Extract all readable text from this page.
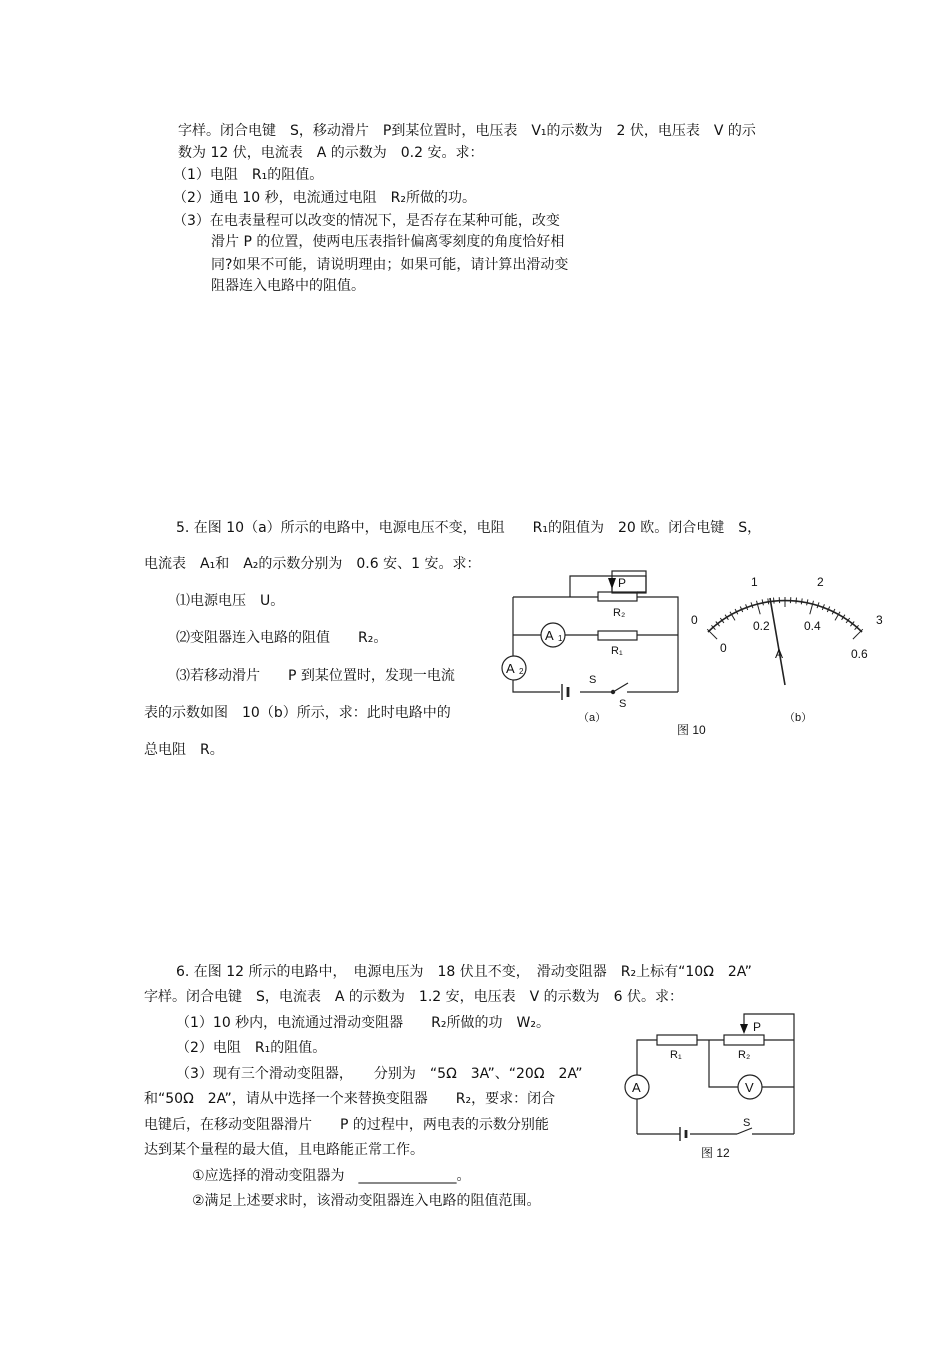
字样。闭合电键　S，移动滑片　P到某位置时，电压表　V₁的示数为　2 伏，电压表　V 的示
数为 12 伏，电流表　A 的示数为　0.2 安。求：
（1）电阻　R₁的阻值。
（2）通电 10 秒，电流通过电阻　R₂所做的功。
（3）在电表量程可以改变的情况下，是否存在某种可能，改变
滑片 P 的位置，使两电压表指针偏离零刻度的角度恰好相
同?如果不可能，请说明理由；如果可能，请计算出滑动变
阻器连入电路中的阻值。
5. 在图 10（a）所示的电路中，电源电压不变，电阻　　R₁的阻值为　20 欧。闭合电键　S，
电流表　A₁和　A₂的示数分别为　0.6 安、1 安。求：
⑴电源电压　U。
⑵变阻器连入电路的阻值　　R₂。
⑶若移动滑片　　P 到某位置时，发现一电流
表的示数如图　10（b）所示，求：此时电路中的
总电阻　R。
P
R₂
R₁
A 1
A 2
S
S
（a）
1	2
0	3
0.2	0.4
0	0.6
A
（b）
图 10
6. 在图 12 所示的电路中，　电源电压为　18 伏且不变，　滑动变阻器　R₂上标有“10Ω　2A”
字样。闭合电键　S，电流表　A 的示数为　1.2 安，电压表　V 的示数为　6 伏。求：
（1）10 秒内，电流通过滑动变阻器　　R₂所做的功　W₂。
（2）电阻　R₁的阻值。
（3）现有三个滑动变阻器，　　分别为　“5Ω　3A”、“20Ω　2A”
和“50Ω　2A”，请从中选择一个来替换变阻器　　R₂，要求：闭合
电键后，在移动变阻器滑片　　P 的过程中，两电表的示数分别能
达到某个量程的最大值，且电路能正常工作。
①应选择的滑动变阻器为　______________。
②满足上述要求时，该滑动变阻器连入电路的阻值范围。
P
R₁	R₂
A	V
S
图 12
